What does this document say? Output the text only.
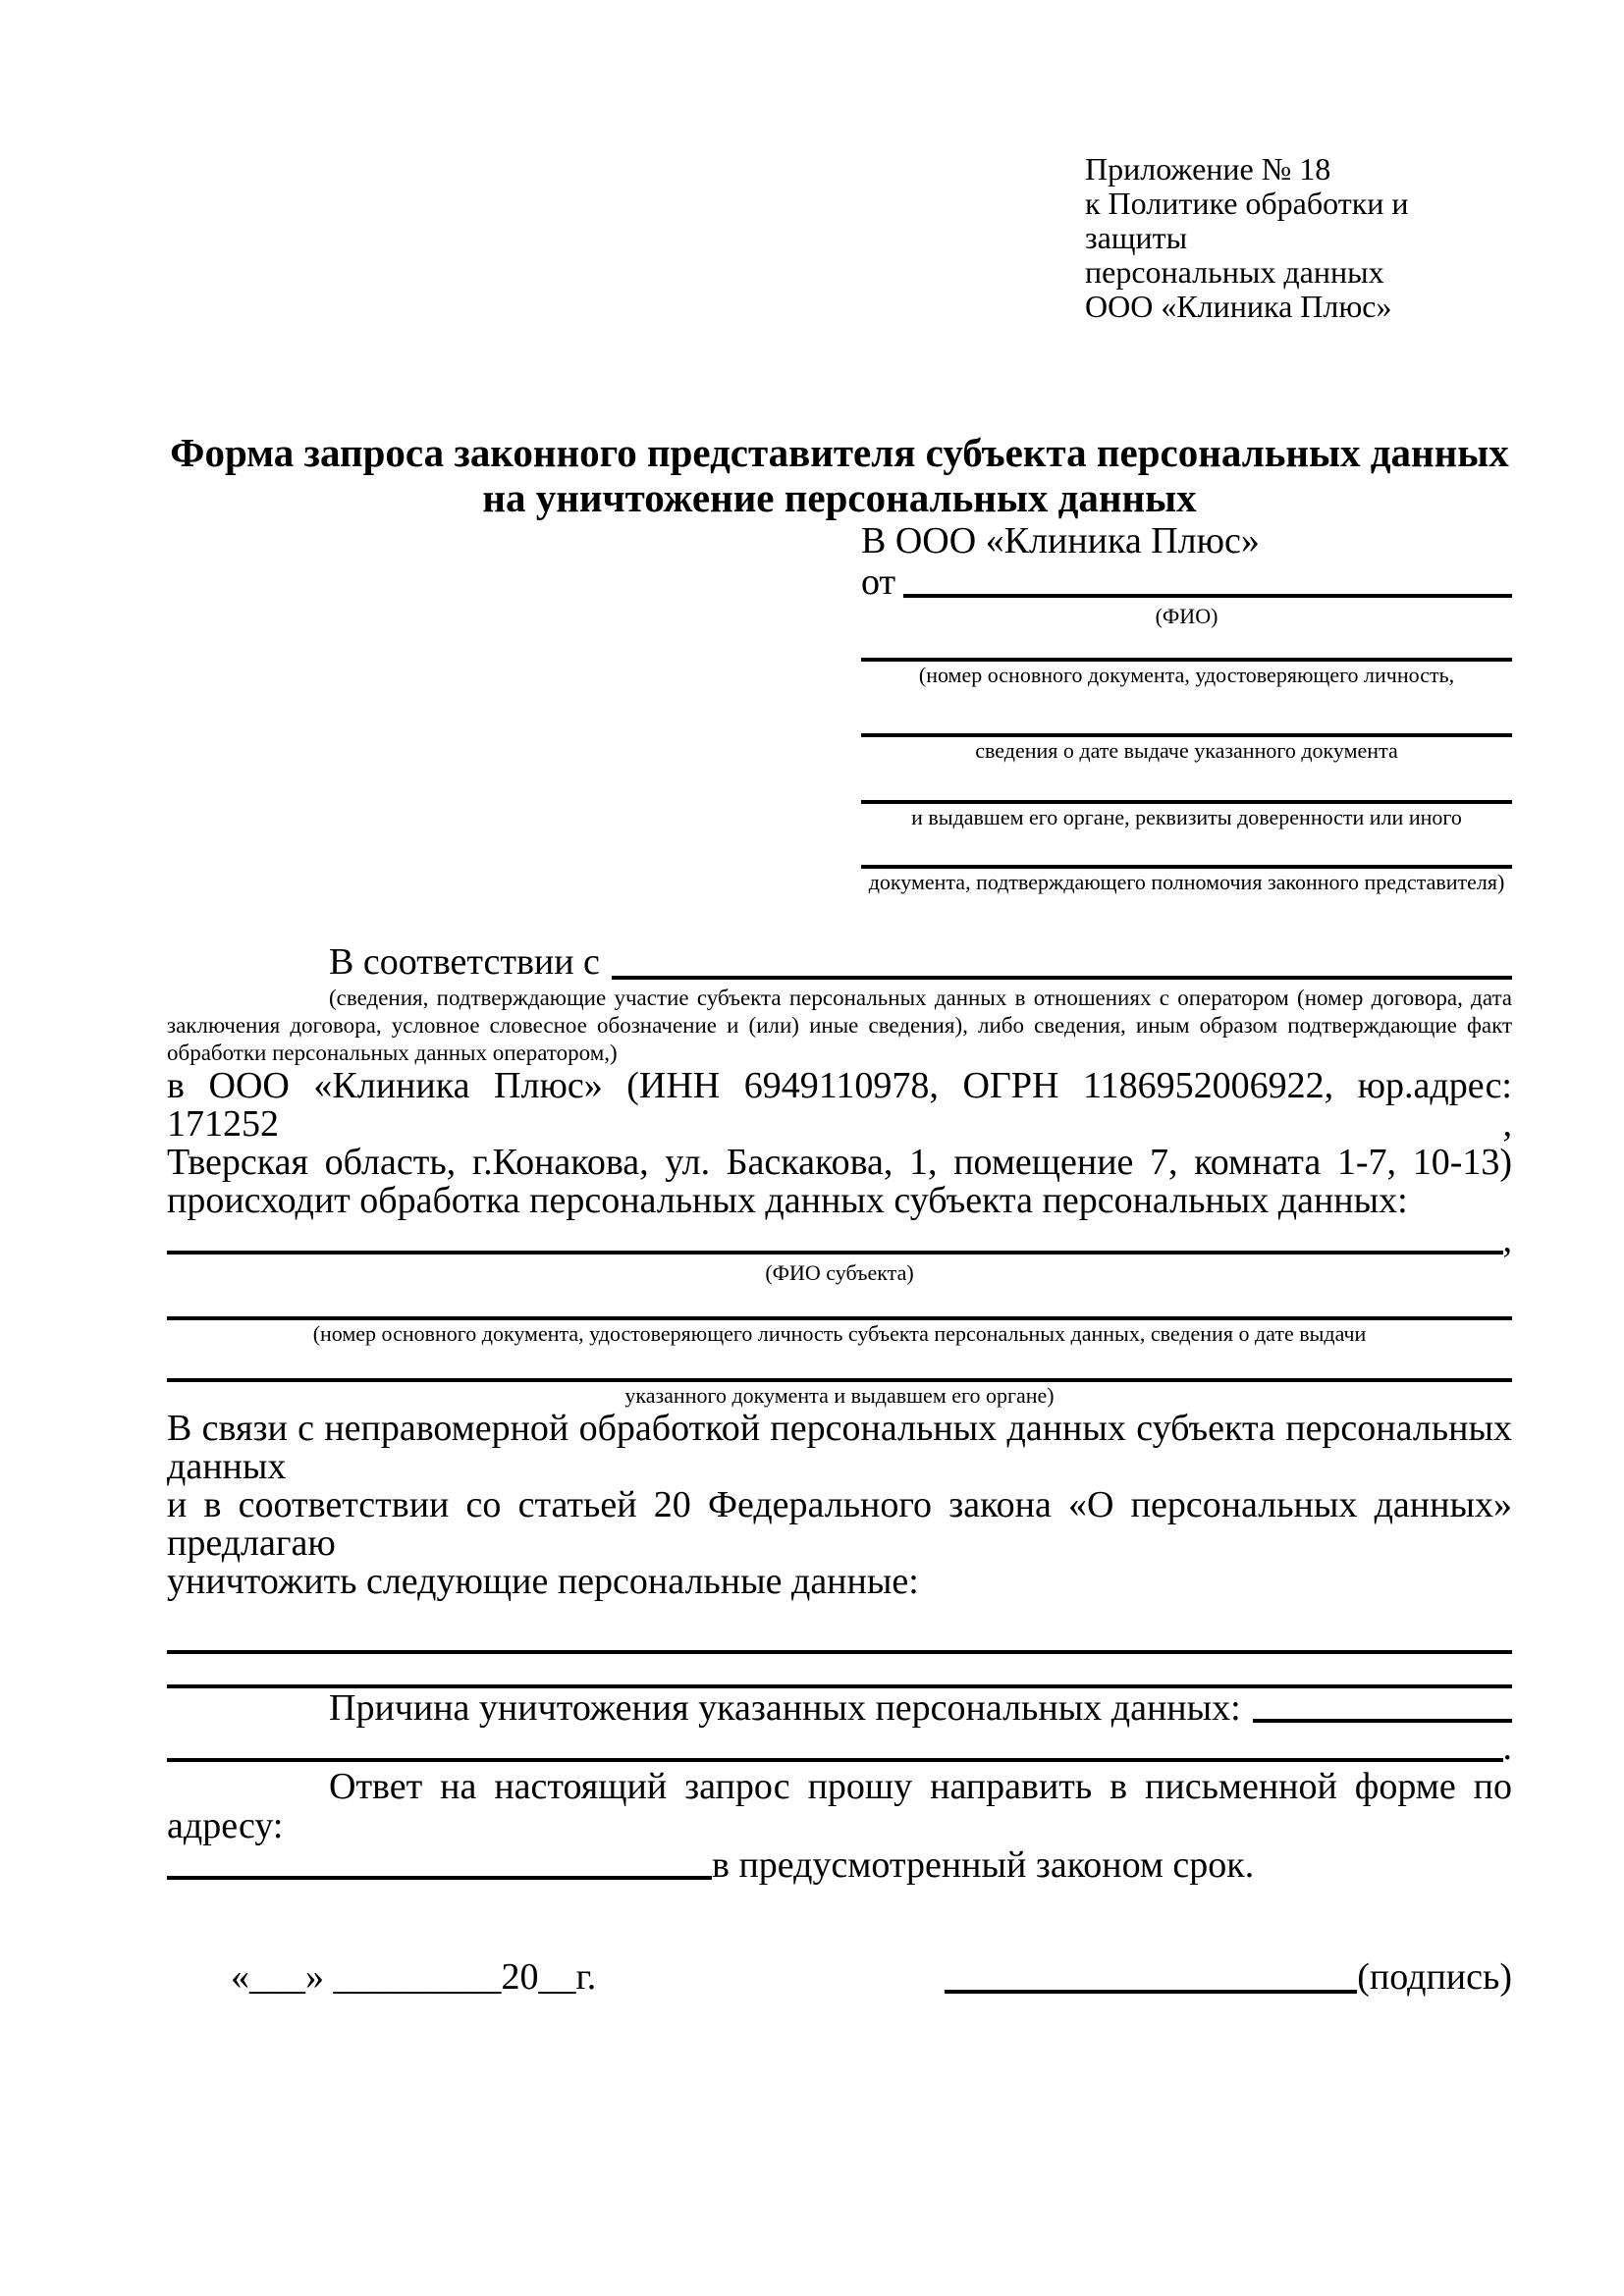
Приложение № 18
к Политике обработки и защиты
персональных данных
ООО «Клиника Плюс»
Форма запроса законного представителя субъекта персональных данных
на уничтожение персональных данных
В ООО «Клиника Плюс»
от
(ФИО)
(номер основного документа, удостоверяющего личность,
сведения о дате выдаче указанного документа
и выдавшем его органе, реквизиты доверенности или иного
документа, подтверждающего полномочия законного представителя)
В соответствии с
(сведения, подтверждающие участие субъекта персональных данных в отношениях с оператором (номер договора, дата
заключения договора, условное словесное обозначение и (или) иные сведения), либо сведения, иным образом подтверждающие факт
обработки персональных данных оператором,)
в ООО «Клиника Плюс» (ИНН 6949110978, ОГРН 1186952006922, юр.адрес: 171252 ,
Тверская область, г.Конакова, ул. Баскакова, 1, помещение 7, комната 1-7, 10-13)
происходит обработка персональных данных субъекта персональных данных:
,
(ФИО субъекта)
(номер основного документа, удостоверяющего личность субъекта персональных данных, сведения о дате выдачи
указанного документа и выдавшем его органе)
В связи с неправомерной обработкой персональных данных субъекта персональных данных
и в соответствии со статьей 20 Федерального закона «О персональных данных» предлагаю
уничтожить следующие персональные данные:
Причина уничтожения указанных персональных данных:
.
Ответ на настоящий запрос прошу направить в письменной форме по адресу:
в предусмотренный законом срок.
«___» _________20__г.	(подпись)
